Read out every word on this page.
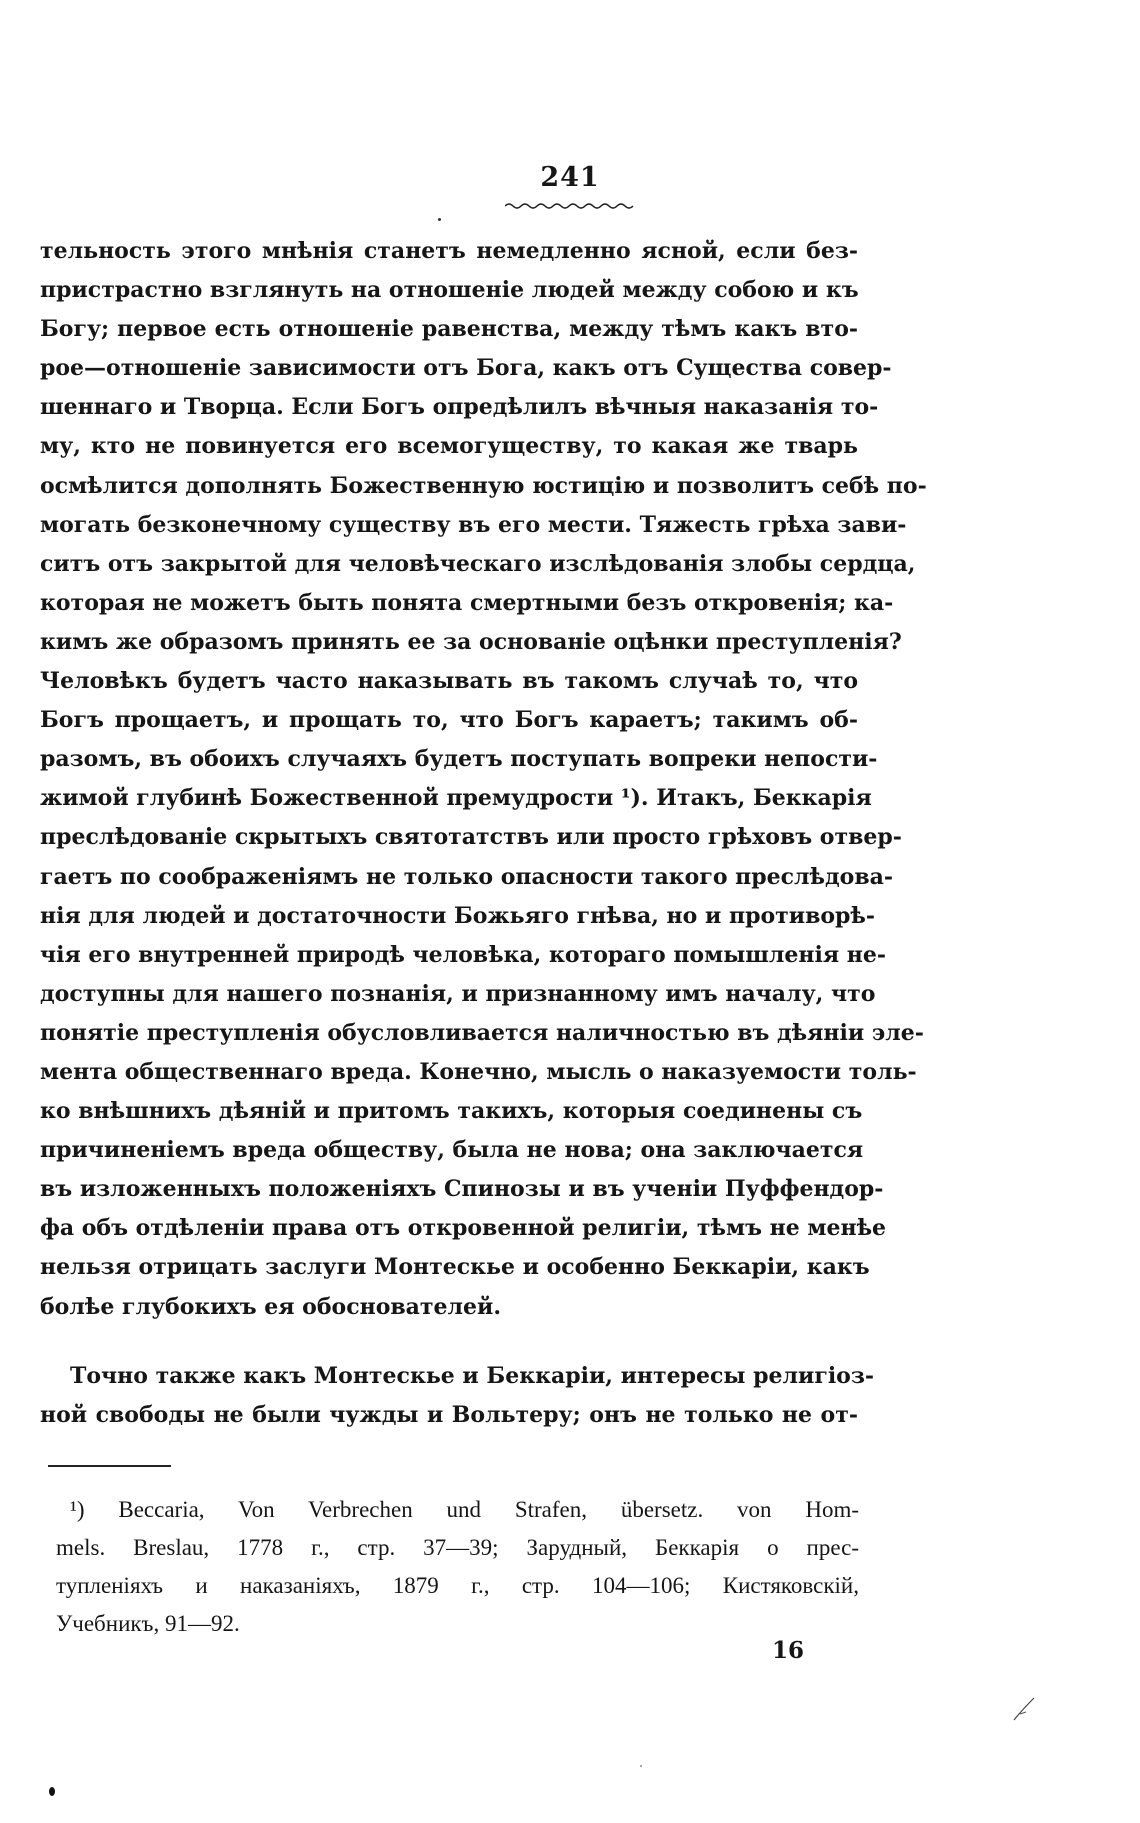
241
тельность этого мнѣнія станетъ немедленно ясной, если без-
пристрастно взглянуть на отношеніе людей между собою и къ
Богу; первое есть отношеніе равенства, между тѣмъ какъ вто-
рое—отношеніе зависимости отъ Бога, какъ отъ Существа совер-
шеннаго и Творца. Если Богъ опредѣлилъ вѣчныя наказанія то-
му, кто не повинуется его всемогуществу, то какая же тварь
осмѣлится дополнять Божественную юстицію и позволитъ себѣ по-
могать безконечному существу въ его мести. Тяжесть грѣха зави-
ситъ отъ закрытой для человѣческаго изслѣдованія злобы сердца,
которая не можетъ быть понята смертными безъ откровенія; ка-
кимъ же образомъ принять ее за основаніе оцѣнки преступленія?
Человѣкъ будетъ часто наказывать въ такомъ случаѣ то, что
Богъ прощаетъ, и прощать то, что Богъ караетъ; такимъ об-
разомъ, въ обоихъ случаяхъ будетъ поступать вопреки непости-
жимой глубинѣ Божественной премудрости ¹). Итакъ, Беккарія
преслѣдованіе скрытыхъ святотатствъ или просто грѣховъ отвер-
гаетъ по соображеніямъ не только опасности такого преслѣдова-
нія для людей и достаточности Божьяго гнѣва, но и противорѣ-
чія его внутренней природѣ человѣка, котораго помышленія не-
доступны для нашего познанія, и признанному имъ началу, что
понятіе преступленія обусловливается наличностью въ дѣяніи эле-
мента общественнаго вреда. Конечно, мысль о наказуемости толь-
ко внѣшнихъ дѣяній и притомъ такихъ, которыя соединены съ
причиненіемъ вреда обществу, была не нова; она заключается
въ изложенныхъ положеніяхъ Спинозы и въ ученіи Пуффендор-
фа объ отдѣленіи права отъ откровенной религіи, тѣмъ не менѣе
нельзя отрицать заслуги Монтескье и особенно Беккаріи, какъ
болѣе глубокихъ ея обоснователей.
Точно также какъ Монтескье и Беккаріи, интересы религіоз-
ной свободы не были чужды и Вольтеру; онъ не только не от-
¹) Beccaria, Von Verbrechen und Strafen, übersetz. von Hom-
mels. Breslau, 1778 г., стр. 37—39; Зарудный, Беккарія о прес-
тупленіяхъ и наказаніяхъ, 1879 г., стр. 104—106; Кистяковскій,
Учебникъ, 91—92.
16
